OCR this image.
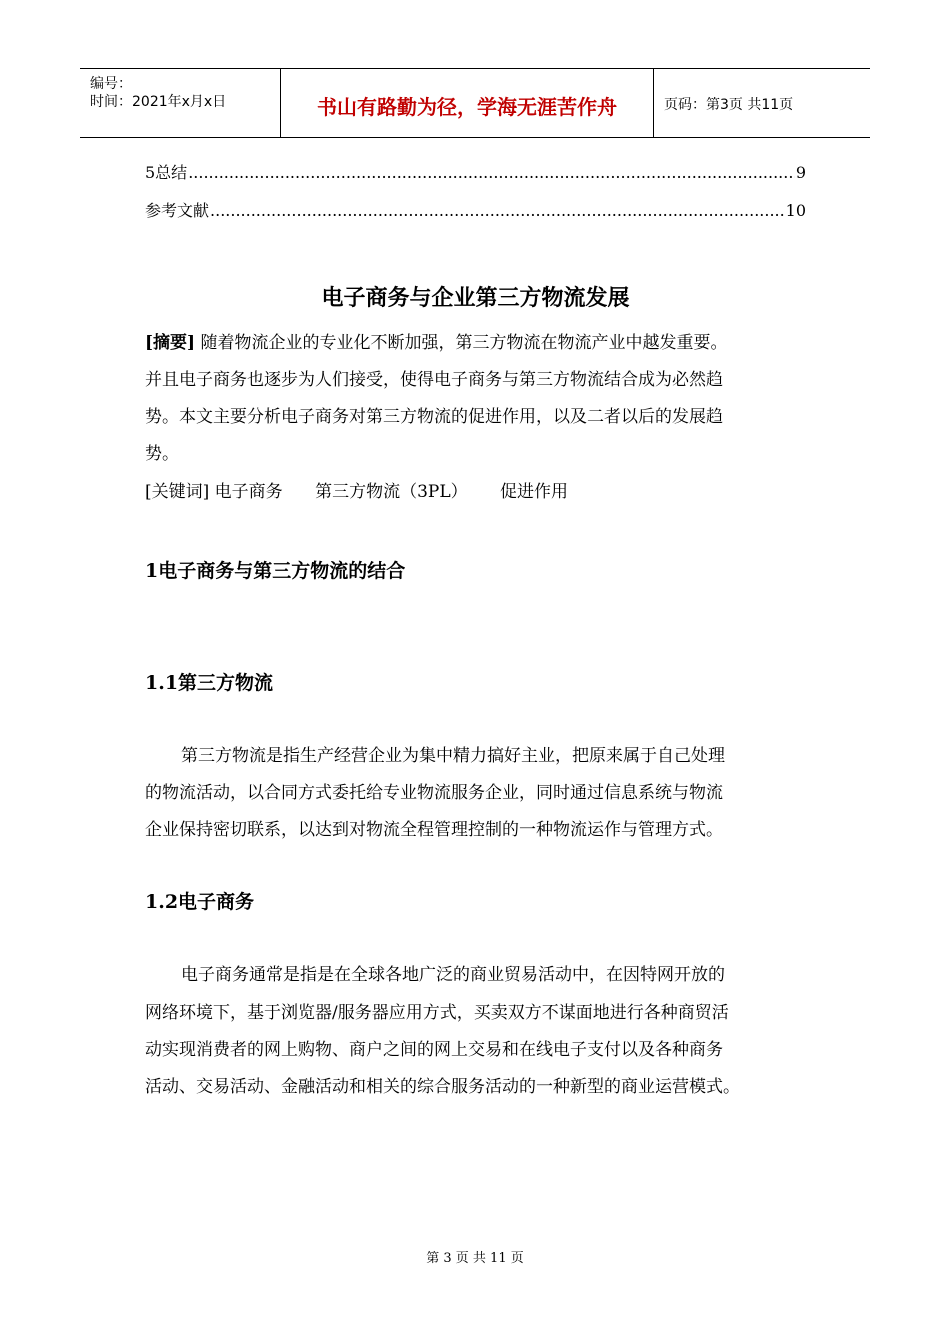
编号：
时间：2021年x月x日	书山有路勤为径，学海无涯苦作舟	页码：第3页 共11页
5总结 .....	9
参考文献 .....	10
电子商务与企业第三方物流发展
[摘要] 随着物流企业的专业化不断加强，第三方物流在物流产业中越发重要。
并且电子商务也逐步为人们接受，使得电子商务与第三方物流结合成为必然趋
势。本文主要分析电子商务对第三方物流的促进作用，以及二者以后的发展趋
势。
[关键词] 电子商务      第三方物流（3PL）      促进作用
1电子商务与第三方物流的结合
1.1第三方物流
第三方物流是指生产经营企业为集中精力搞好主业，把原来属于自己处理
的物流活动，以合同方式委托给专业物流服务企业，同时通过信息系统与物流
企业保持密切联系，以达到对物流全程管理控制的一种物流运作与管理方式。
1.2电子商务
电子商务通常是指是在全球各地广泛的商业贸易活动中，在因特网开放的
网络环境下，基于浏览器/服务器应用方式，买卖双方不谋面地进行各种商贸活
动实现消费者的网上购物、商户之间的网上交易和在线电子支付以及各种商务
活动、交易活动、金融活动和相关的综合服务活动的一种新型的商业运营模式。
第 3 页 共 11 页
